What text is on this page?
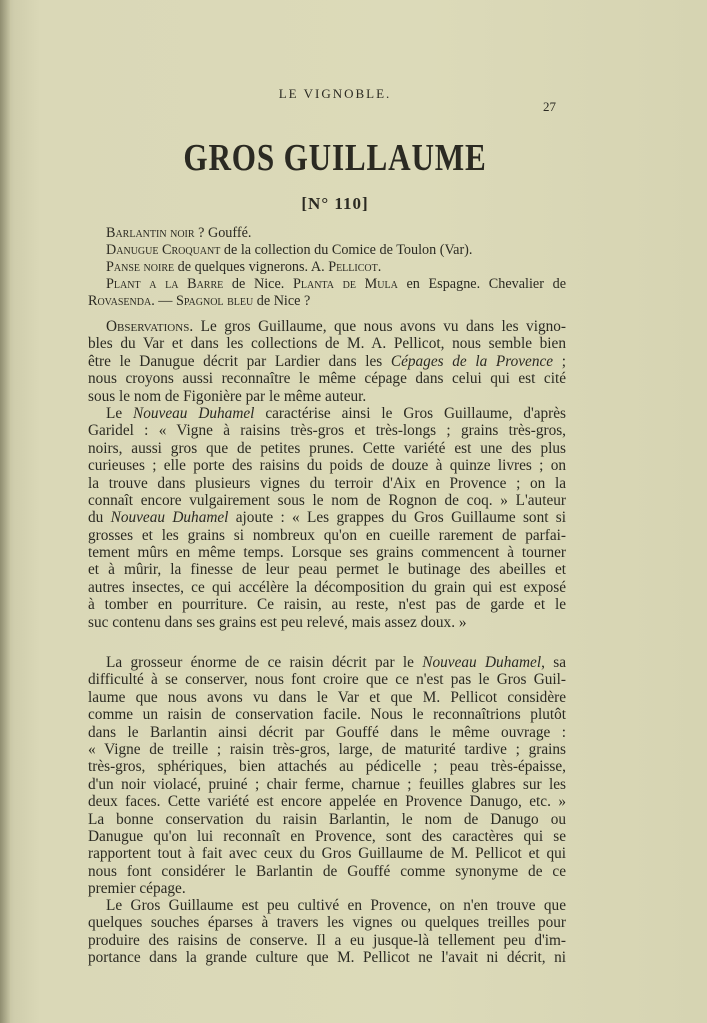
LE VIGNOBLE.
27
GROS GUILLAUME
[N° 110]
Barlantin noir ? Gouffé.
Danugue Croquant de la collection du Comice de Toulon (Var).
Panse noire de quelques vignerons. A. Pellicot.
Plant a la Barre de Nice. Planta de Mula en Espagne. Chevalier de
Rovasenda. — Spagnol bleu de Nice ?
Observations. Le gros Guillaume, que nous avons vu dans les vigno-
bles du Var et dans les collections de M. A. Pellicot, nous semble bien
être le Danugue décrit par Lardier dans les Cépages de la Provence ;
nous croyons aussi reconnaître le même cépage dans celui qui est cité
sous le nom de Figonière par le même auteur.
Le Nouveau Duhamel caractérise ainsi le Gros Guillaume, d'après
Garidel : « Vigne à raisins très-gros et très-longs ; grains très-gros,
noirs, aussi gros que de petites prunes. Cette variété est une des plus
curieuses ; elle porte des raisins du poids de douze à quinze livres ; on
la trouve dans plusieurs vignes du terroir d'Aix en Provence ; on la
connaît encore vulgairement sous le nom de Rognon de coq. » L'auteur
du Nouveau Duhamel ajoute : « Les grappes du Gros Guillaume sont si
grosses et les grains si nombreux qu'on en cueille rarement de parfai-
tement mûrs en même temps. Lorsque ses grains commencent à tourner
et à mûrir, la finesse de leur peau permet le butinage des abeilles et
autres insectes, ce qui accélère la décomposition du grain qui est exposé
à tomber en pourriture. Ce raisin, au reste, n'est pas de garde et le
suc contenu dans ses grains est peu relevé, mais assez doux. »
La grosseur énorme de ce raisin décrit par le Nouveau Duhamel, sa
difficulté à se conserver, nous font croire que ce n'est pas le Gros Guil-
laume que nous avons vu dans le Var et que M. Pellicot considère
comme un raisin de conservation facile. Nous le reconnaîtrions plutôt
dans le Barlantin ainsi décrit par Gouffé dans le même ouvrage :
« Vigne de treille ; raisin très-gros, large, de maturité tardive ; grains
très-gros, sphériques, bien attachés au pédicelle ; peau très-épaisse,
d'un noir violacé, pruiné ; chair ferme, charnue ; feuilles glabres sur les
deux faces. Cette variété est encore appelée en Provence Danugo, etc. »
La bonne conservation du raisin Barlantin, le nom de Danugo ou
Danugue qu'on lui reconnaît en Provence, sont des caractères qui se
rapportent tout à fait avec ceux du Gros Guillaume de M. Pellicot et qui
nous font considérer le Barlantin de Gouffé comme synonyme de ce
premier cépage.
Le Gros Guillaume est peu cultivé en Provence, on n'en trouve que
quelques souches éparses à travers les vignes ou quelques treilles pour
produire des raisins de conserve. Il a eu jusque-là tellement peu d'im-
portance dans la grande culture que M. Pellicot ne l'avait ni décrit, ni
